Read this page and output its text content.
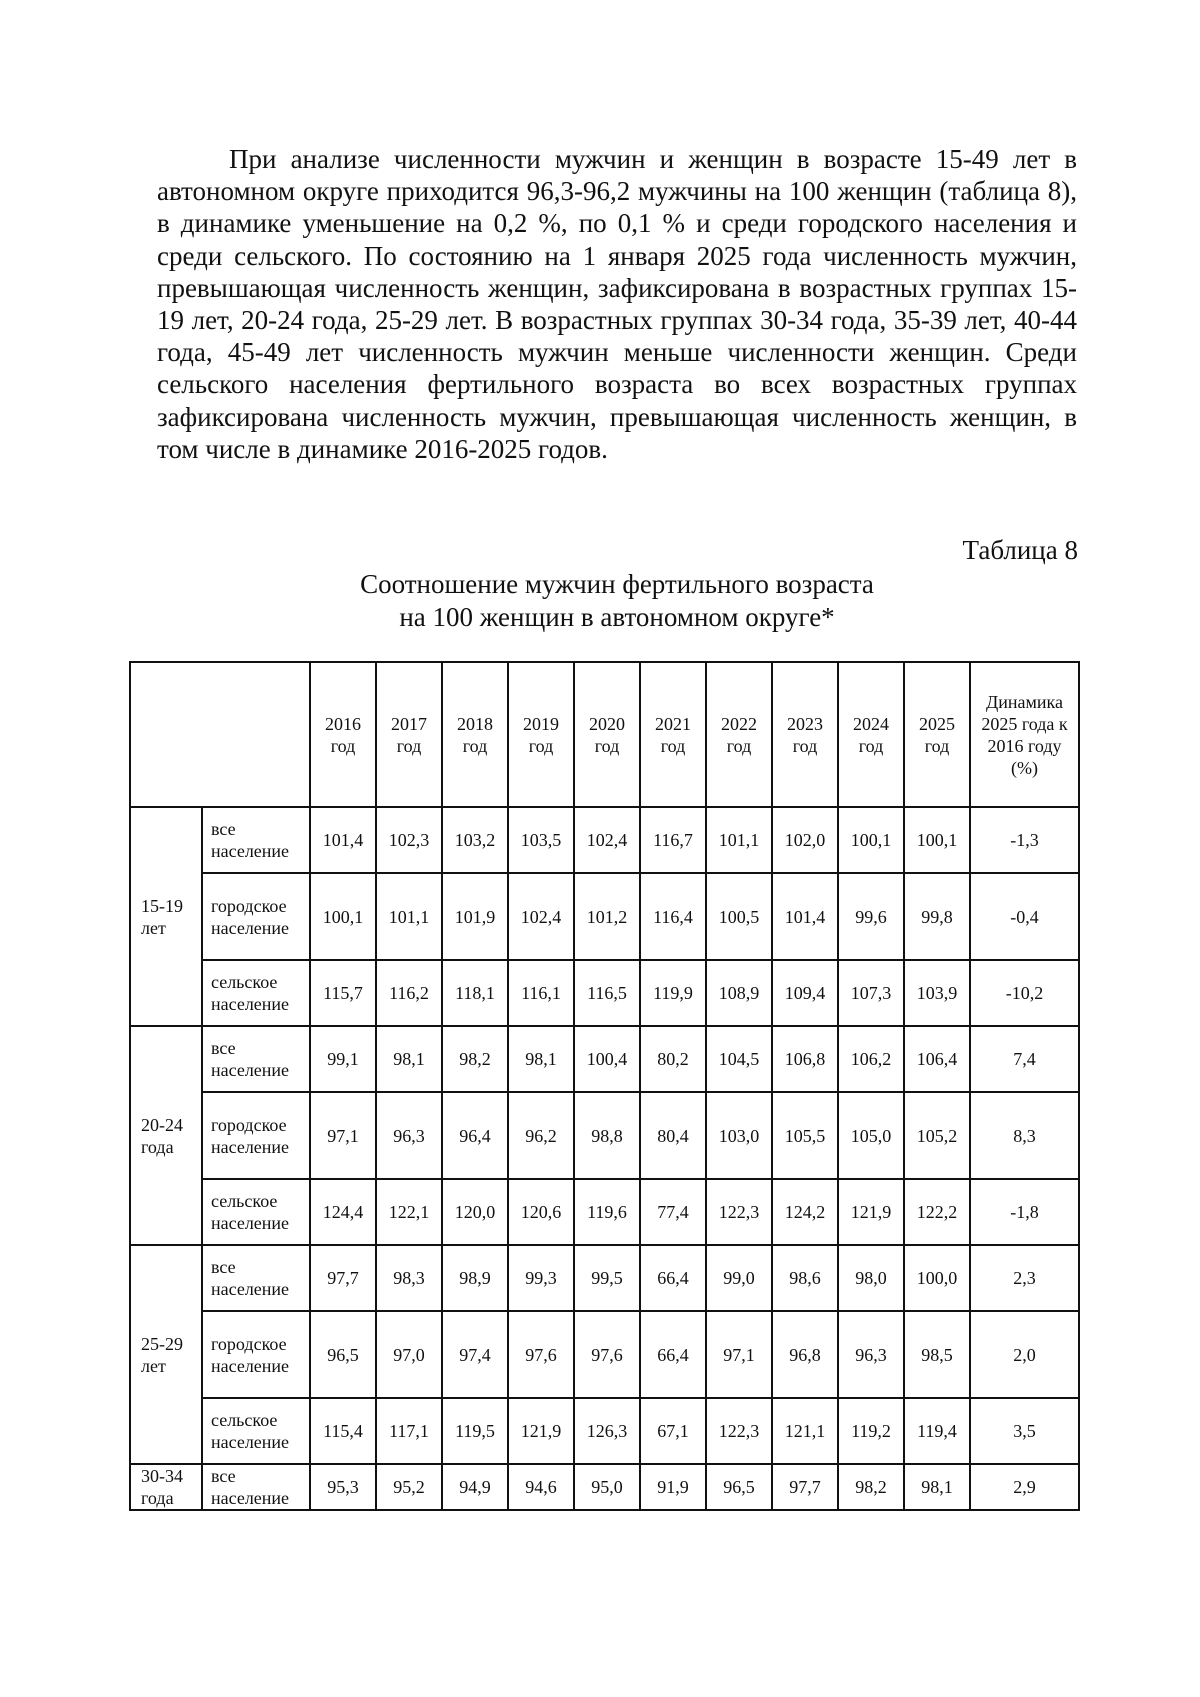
При анализе численности мужчин и женщин в возрасте 15-49 лет в автономном округе приходится 96,3-96,2 мужчины на 100 женщин (таблица 8), в динамике уменьшение на 0,2 %, по 0,1 % и среди городского населения и среди сельского. По состоянию на 1 января 2025 года численность мужчин, превышающая численность женщин, зафиксирована в возрастных группах 15-19 лет, 20-24 года, 25-29 лет. В возрастных группах 30-34 года, 35-39 лет, 40-44 года, 45-49 лет численность мужчин меньше численности женщин. Среди сельского населения фертильного возраста во всех возрастных группах зафиксирована численность мужчин, превышающая численность женщин, в том числе в динамике 2016-2025 годов.

Таблица 8
Соотношение мужчин фертильного возраста
на 100 женщин в автономном округе*
		2016 год	2017 год	2018 год	2019 год	2020 год	2021 год	2022 год	2023 год	2024 год	2025 год	Динамика 2025 года к 2016 году (%)
15-19 лет	все население	101,4	102,3	103,2	103,5	102,4	116,7	101,1	102,0	100,1	100,1	-1,3
	городское население	100,1	101,1	101,9	102,4	101,2	116,4	100,5	101,4	99,6	99,8	-0,4
	сельское население	115,7	116,2	118,1	116,1	116,5	119,9	108,9	109,4	107,3	103,9	-10,2
20-24 года	все население	99,1	98,1	98,2	98,1	100,4	80,2	104,5	106,8	106,2	106,4	7,4
	городское население	97,1	96,3	96,4	96,2	98,8	80,4	103,0	105,5	105,0	105,2	8,3
	сельское население	124,4	122,1	120,0	120,6	119,6	77,4	122,3	124,2	121,9	122,2	-1,8
25-29 лет	все население	97,7	98,3	98,9	99,3	99,5	66,4	99,0	98,6	98,0	100,0	2,3
	городское население	96,5	97,0	97,4	97,6	97,6	66,4	97,1	96,8	96,3	98,5	2,0
	сельское население	115,4	117,1	119,5	121,9	126,3	67,1	122,3	121,1	119,2	119,4	3,5
30-34 года	все население	95,3	95,2	94,9	94,6	95,0	91,9	96,5	97,7	98,2	98,1	2,9
